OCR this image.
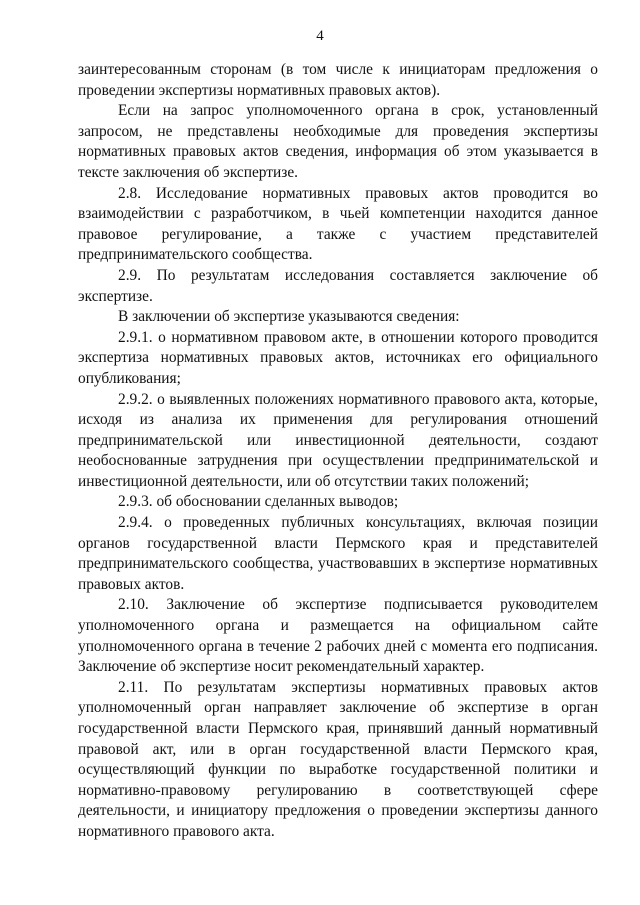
4

заинтересованным сторонам (в том числе к инициаторам предложения о проведении экспертизы нормативных правовых актов).

Если на запрос уполномоченного органа в срок, установленный запросом, не представлены необходимые для проведения экспертизы нормативных правовых актов сведения, информация об этом указывается в тексте заключения об экспертизе.

2.8. Исследование нормативных правовых актов проводится во взаимодействии с разработчиком, в чьей компетенции находится данное правовое регулирование, а также с участием представителей предпринимательского сообщества.

2.9. По результатам исследования составляется заключение об экспертизе.

В заключении об экспертизе указываются сведения:

2.9.1. о нормативном правовом акте, в отношении которого проводится экспертиза нормативных правовых актов, источниках его официального опубликования;

2.9.2. о выявленных положениях нормативного правового акта, которые, исходя из анализа их применения для регулирования отношений предпринимательской или инвестиционной деятельности, создают необоснованные затруднения при осуществлении предпринимательской и инвестиционной деятельности, или об отсутствии таких положений;

2.9.3. об обосновании сделанных выводов;

2.9.4. о проведенных публичных консультациях, включая позиции органов государственной власти Пермского края и представителей предпринимательского сообщества, участвовавших в экспертизе нормативных правовых актов.

2.10. Заключение об экспертизе подписывается руководителем уполномоченного органа и размещается на официальном сайте уполномоченного органа в течение 2 рабочих дней с момента его подписания. Заключение об экспертизе носит рекомендательный характер.

2.11. По результатам экспертизы нормативных правовых актов уполномоченный орган направляет заключение об экспертизе в орган государственной власти Пермского края, принявший данный нормативный правовой акт, или в орган государственной власти Пермского края, осуществляющий функции по выработке государственной политики и нормативно-правовому регулированию в соответствующей сфере деятельности, и инициатору предложения о проведении экспертизы данного нормативного правового акта.
